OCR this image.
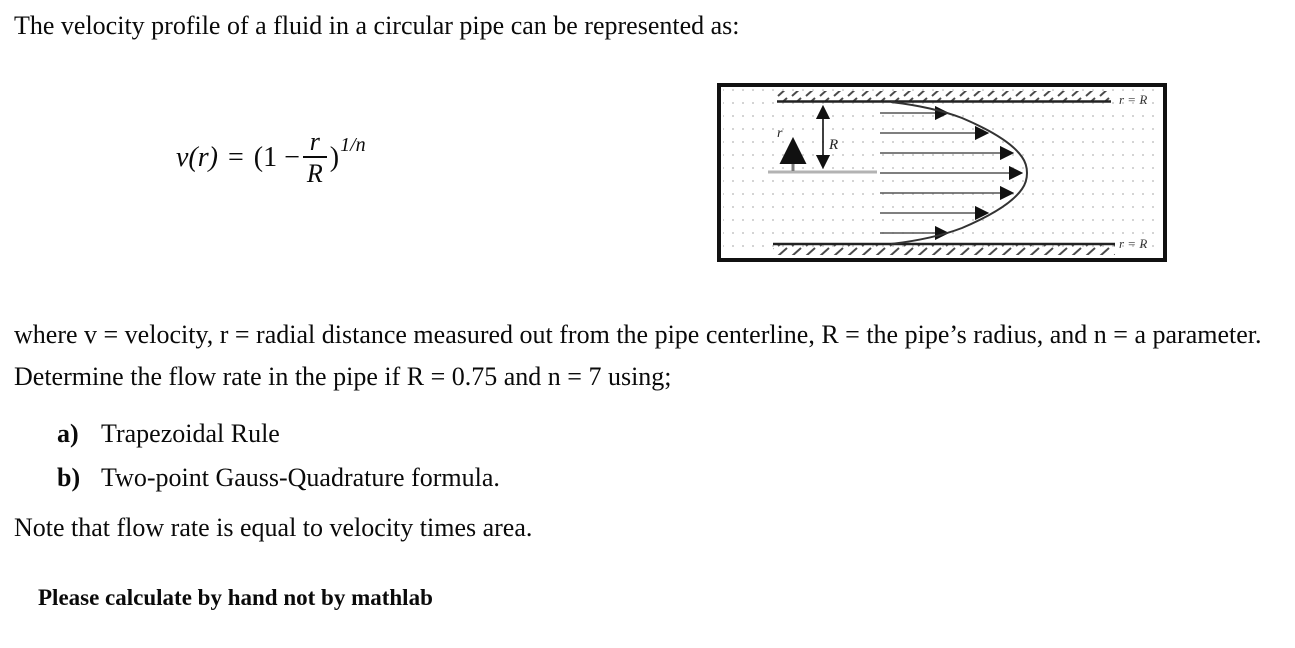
The velocity profile of a fluid in a circular pipe can be represented as:
$v(r) = (1 - \frac{r}{R}$ ) 1/n
r = R
r = R
r
R
where v = velocity, r = radial distance measured out from the pipe centerline, R = the pipe’s radius, and n = a parameter. Determine the flow rate in the pipe if R = 0.75 and n = 7 using;
a) Trapezoidal Rule
b) Two-point Gauss-Quadrature formula.
Note that flow rate is equal to velocity times area.
Please calculate by hand not by mathlab
